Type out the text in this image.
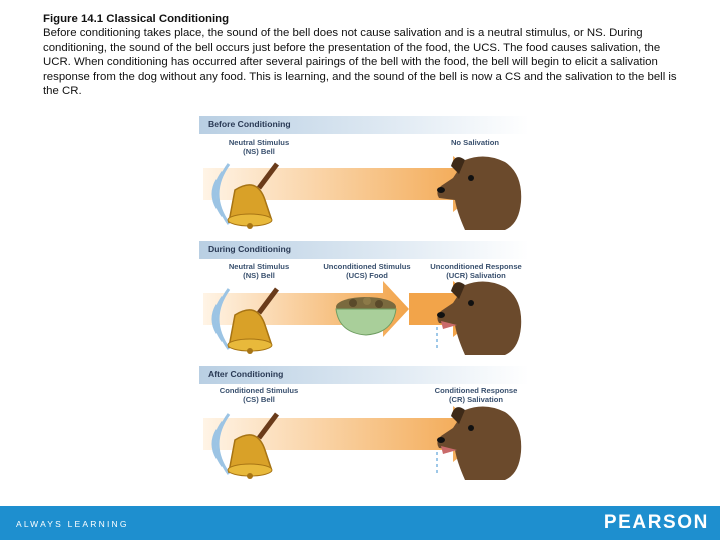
Figure 14.1 Classical Conditioning
Before conditioning takes place, the sound of the bell does not cause salivation and is a neutral stimulus, or NS. During conditioning, the sound of the bell occurs just before the presentation of the food, the UCS. The food causes salivation, the UCR. When conditioning has occurred after several pairings of the bell with the food, the bell will begin to elicit a salivation response from the dog without any food. This is learning, and the sound of the bell is now a CS and the salivation to the bell is the CR.
Before Conditioning
Neutral Stimulus
(NS) Bell
No Salivation
During Conditioning
Neutral Stimulus
(NS) Bell
Unconditioned Stimulus
(UCS) Food
Unconditioned Response
(UCR) Salivation
After Conditioning
Conditioned Stimulus
(CS) Bell
Conditioned Response
(CR) Salivation
ALWAYS LEARNING	PEARSON
